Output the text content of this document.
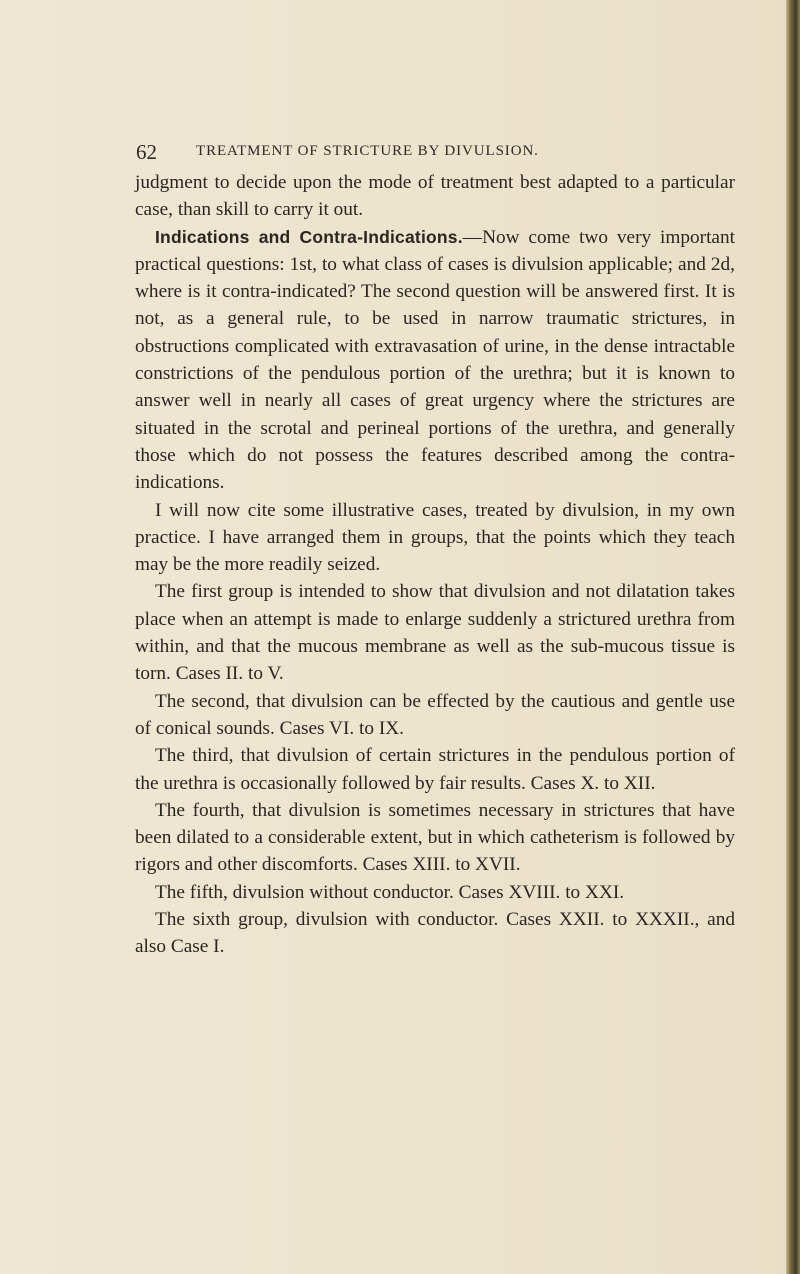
62	TREATMENT OF STRICTURE BY DIVULSION.

judgment to decide upon the mode of treatment best adapted to a particular case, than skill to carry it out.

Indications and Contra-Indications.—Now come two very important practical questions: 1st, to what class of cases is divulsion applicable; and 2d, where is it contra-indicated? The second question will be answered first. It is not, as a general rule, to be used in narrow traumatic strictures, in obstructions complicated with extravasation of urine, in the dense intractable constrictions of the pendulous portion of the urethra; but it is known to answer well in nearly all cases of great urgency where the strictures are situated in the scrotal and perineal portions of the urethra, and generally those which do not possess the features described among the contra-indications.

I will now cite some illustrative cases, treated by divulsion, in my own practice. I have arranged them in groups, that the points which they teach may be the more readily seized.

The first group is intended to show that divulsion and not dilatation takes place when an attempt is made to enlarge suddenly a strictured urethra from within, and that the mucous membrane as well as the sub-mucous tissue is torn. Cases II. to V.

The second, that divulsion can be effected by the cautious and gentle use of conical sounds. Cases VI. to IX.

The third, that divulsion of certain strictures in the pendulous portion of the urethra is occasionally followed by fair results. Cases X. to XII.

The fourth, that divulsion is sometimes necessary in strictures that have been dilated to a considerable extent, but in which catheterism is followed by rigors and other discomforts. Cases XIII. to XVII.

The fifth, divulsion without conductor. Cases XVIII. to XXI.

The sixth group, divulsion with conductor. Cases XXII. to XXXII., and also Case I.
